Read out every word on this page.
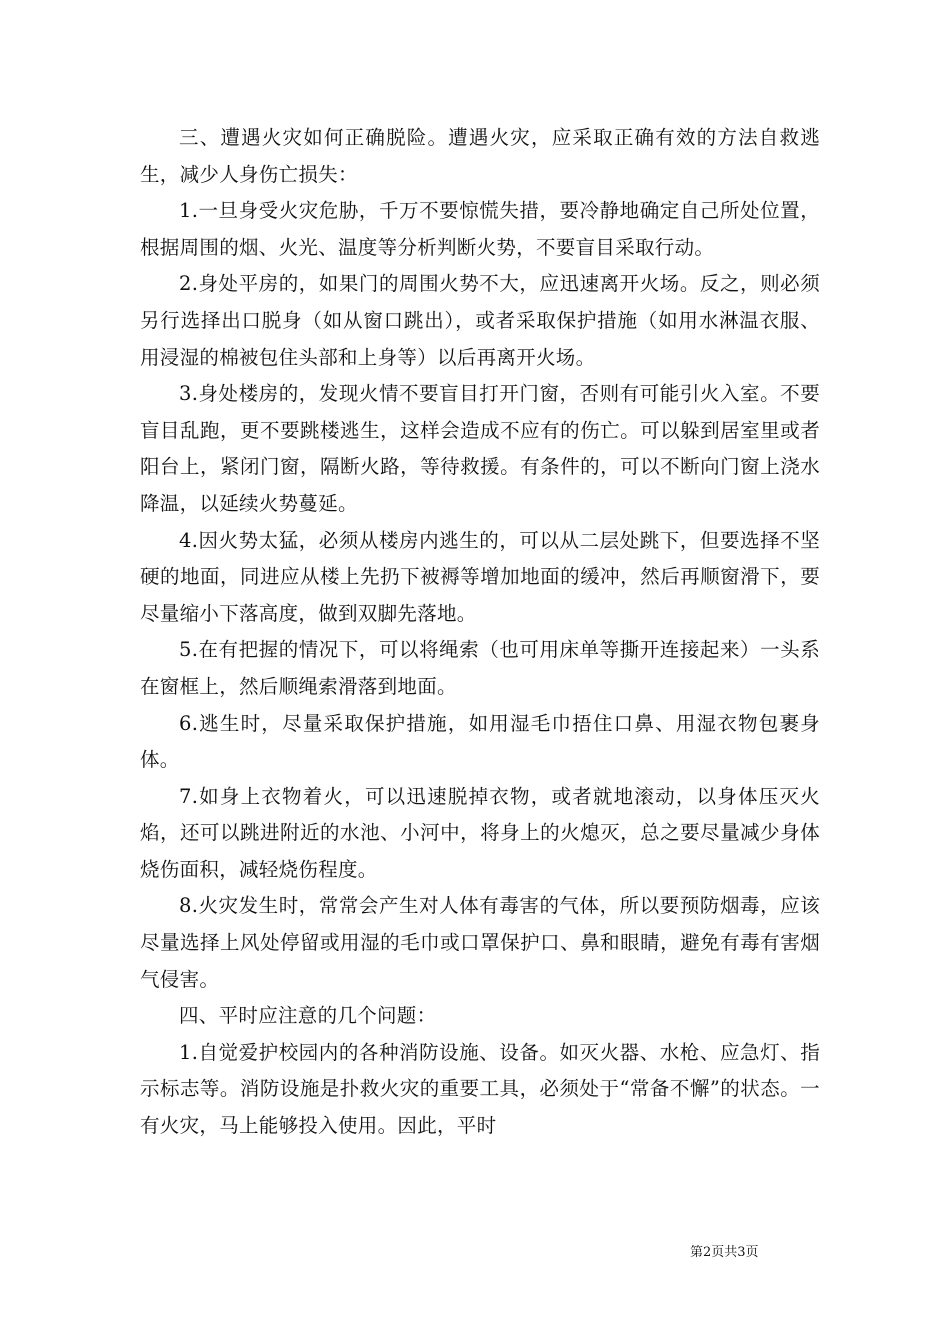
三、遭遇火灾如何正确脱险。遭遇火灾，应采取正确有效的方法自救逃生，减少人身伤亡损失：

1.一旦身受火灾危胁，千万不要惊慌失措，要冷静地确定自己所处位置，根据周围的烟、火光、温度等分析判断火势，不要盲目采取行动。

2.身处平房的，如果门的周围火势不大，应迅速离开火场。反之，则必须另行选择出口脱身（如从窗口跳出），或者采取保护措施（如用水淋温衣服、用浸湿的棉被包住头部和上身等）以后再离开火场。

3.身处楼房的，发现火情不要盲目打开门窗，否则有可能引火入室。不要盲目乱跑，更不要跳楼逃生，这样会造成不应有的伤亡。可以躲到居室里或者阳台上，紧闭门窗，隔断火路，等待救援。有条件的，可以不断向门窗上浇水降温，以延续火势蔓延。

4.因火势太猛，必须从楼房内逃生的，可以从二层处跳下，但要选择不坚硬的地面，同进应从楼上先扔下被褥等增加地面的缓冲，然后再顺窗滑下，要尽量缩小下落高度，做到双脚先落地。

5.在有把握的情况下，可以将绳索（也可用床单等撕开连接起来）一头系在窗框上，然后顺绳索滑落到地面。

6.逃生时，尽量采取保护措施，如用湿毛巾捂住口鼻、用湿衣物包裹身体。

7.如身上衣物着火，可以迅速脱掉衣物，或者就地滚动，以身体压灭火焰，还可以跳进附近的水池、小河中，将身上的火熄灭，总之要尽量减少身体烧伤面积，减轻烧伤程度。

8.火灾发生时，常常会产生对人体有毒害的气体，所以要预防烟毒，应该尽量选择上风处停留或用湿的毛巾或口罩保护口、鼻和眼睛，避免有毒有害烟气侵害。

四、平时应注意的几个问题：

1.自觉爱护校园内的各种消防设施、设备。如灭火器、水枪、应急灯、指示标志等。消防设施是扑救火灾的重要工具，必须处于“常备不懈”的状态。一有火灾，马上能够投入使用。因此，平时

第2页共3页
